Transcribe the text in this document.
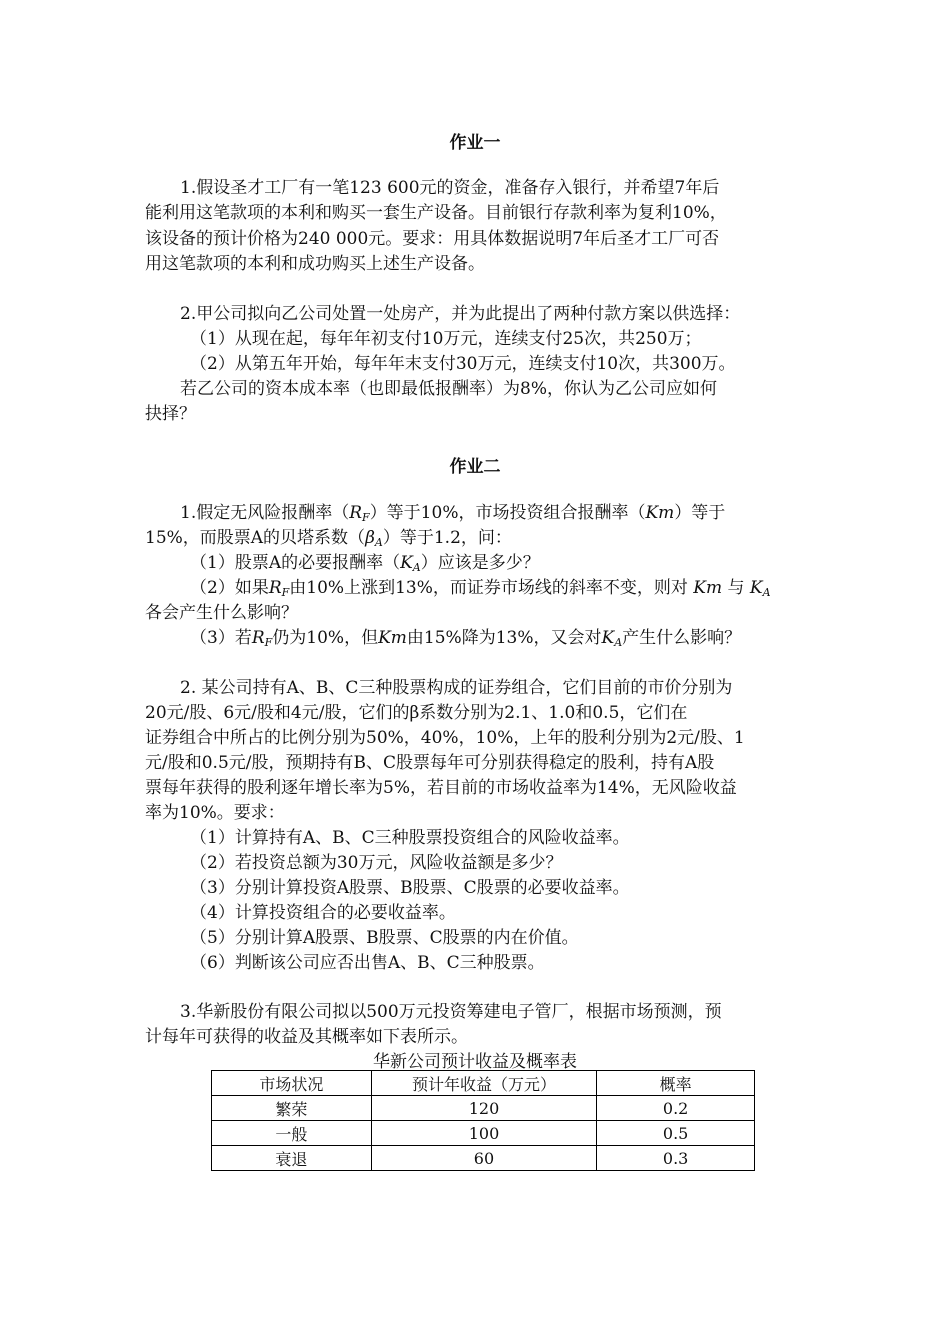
作业一
1.假设圣才工厂有一笔123 600元的资金，准备存入银行，并希望7年后
能利用这笔款项的本利和购买一套生产设备。目前银行存款利率为复利10%，
该设备的预计价格为240 000元。要求：用具体数据说明7年后圣才工厂可否
用这笔款项的本利和成功购买上述生产设备。
2.甲公司拟向乙公司处置一处房产，并为此提出了两种付款方案以供选择：
（1）从现在起，每年年初支付10万元，连续支付25次，共250万；
（2）从第五年开始，每年年末支付30万元，连续支付10次，共300万。
若乙公司的资本成本率（也即最低报酬率）为8%，你认为乙公司应如何
抉择？
作业二
1.假定无风险报酬率$(R_F)$等于10%，市场投资组合报酬率（Km）等于
15%，而股票A的贝塔系数$(\beta_A)$等于1.2，问：
（1）股票A的必要报酬率$(K_A)$应该是多少？
（2）如果$R_F$由10%上涨到13%，而证券市场线的斜率不变，则对 Km 与 $K_A$
各会产生什么影响？
（3）若$R_F$仍为10%，但Km由15%降为13%，又会对$K_A$产生什么影响？
2. 某公司持有A、B、C三种股票构成的证券组合，它们目前的市价分别为
20元/股、6元/股和4元/股，它们的β系数分别为2.1、1.0和0.5，它们在
证券组合中所占的比例分别为50%，40%，10%，上年的股利分别为2元/股、1
元/股和0.5元/股，预期持有B、C股票每年可分别获得稳定的股利，持有A股
票每年获得的股利逐年增长率为5%，若目前的市场收益率为14%，无风险收益
率为10%。要求：
（1）计算持有A、B、C三种股票投资组合的风险收益率。
（2）若投资总额为30万元，风险收益额是多少？
（3）分别计算投资A股票、B股票、C股票的必要收益率。
（4）计算投资组合的必要收益率。
（5）分别计算A股票、B股票、C股票的内在价值。
（6）判断该公司应否出售A、B、C三种股票。
3.华新股份有限公司拟以500万元投资筹建电子管厂，根据市场预测，预
计每年可获得的收益及其概率如下表所示。
华新公司预计收益及概率表
市场状况	预计年收益（万元）	概率
繁荣	120	0.2
一般	100	0.5
衰退	60	0.3
